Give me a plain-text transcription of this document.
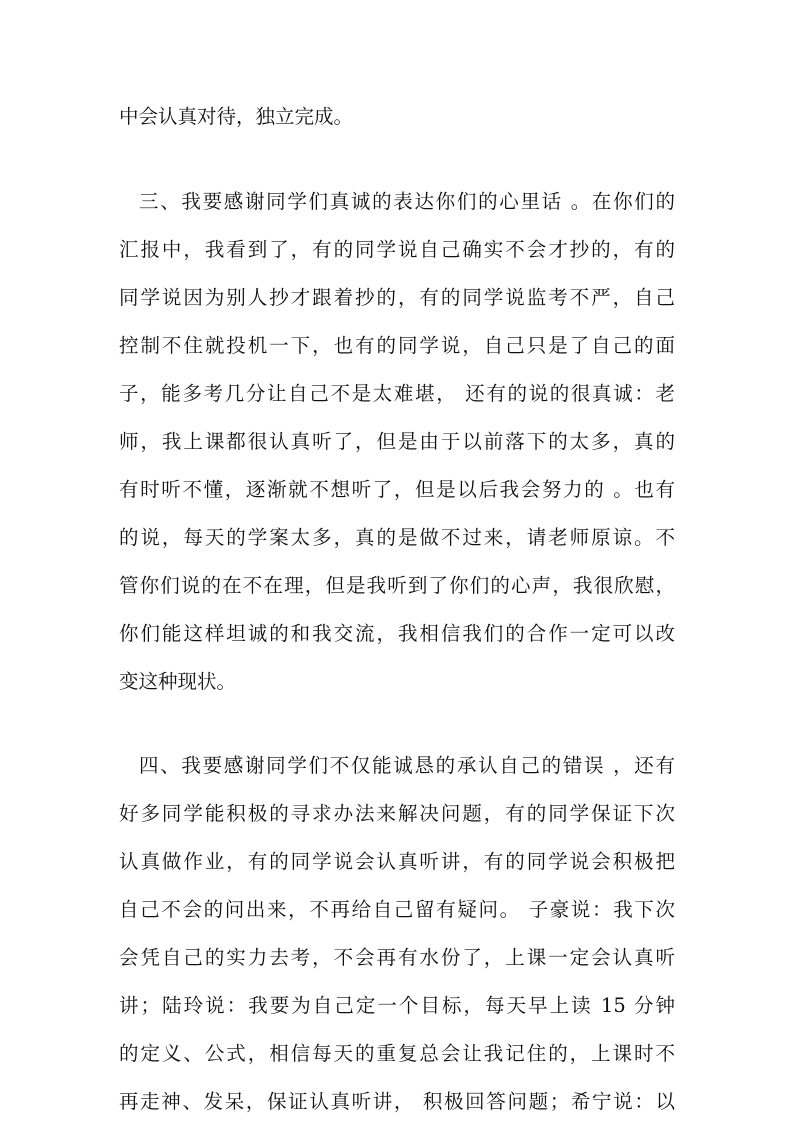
中会认真对待，独立完成。
三、我要感谢同学们真诚的表达你们的心里话 。在你们的
汇报中，我看到了，有的同学说自己确实不会才抄的，有的
同学说因为别人抄才跟着抄的，有的同学说监考不严，自己
控制不住就投机一下，也有的同学说，自己只是了自己的面
子，能多考几分让自己不是太难堪， 还有的说的很真诚：老
师，我上课都很认真听了，但是由于以前落下的太多，真的
有时听不懂，逐渐就不想听了，但是以后我会努力的 。也有
的说，每天的学案太多，真的是做不过来，请老师原谅。不
管你们说的在不在理，但是我听到了你们的心声，我很欣慰，
你们能这样坦诚的和我交流，我相信我们的合作一定可以改
变这种现状。
四、我要感谢同学们不仅能诚恳的承认自己的错误 ，还有
好多同学能积极的寻求办法来解决问题，有的同学保证下次
认真做作业，有的同学说会认真听讲，有的同学说会积极把
自己不会的问出来，不再给自己留有疑问。 子豪说：我下次
会凭自己的实力去考，不会再有水份了，上课一定会认真听
讲；陆玲说：我要为自己定一个目标，每天早上读 15 分钟
的定义、公式，相信每天的重复总会让我记住的，上课时不
再走神、发呆，保证认真听讲， 积极回答问题；希宁说：以
